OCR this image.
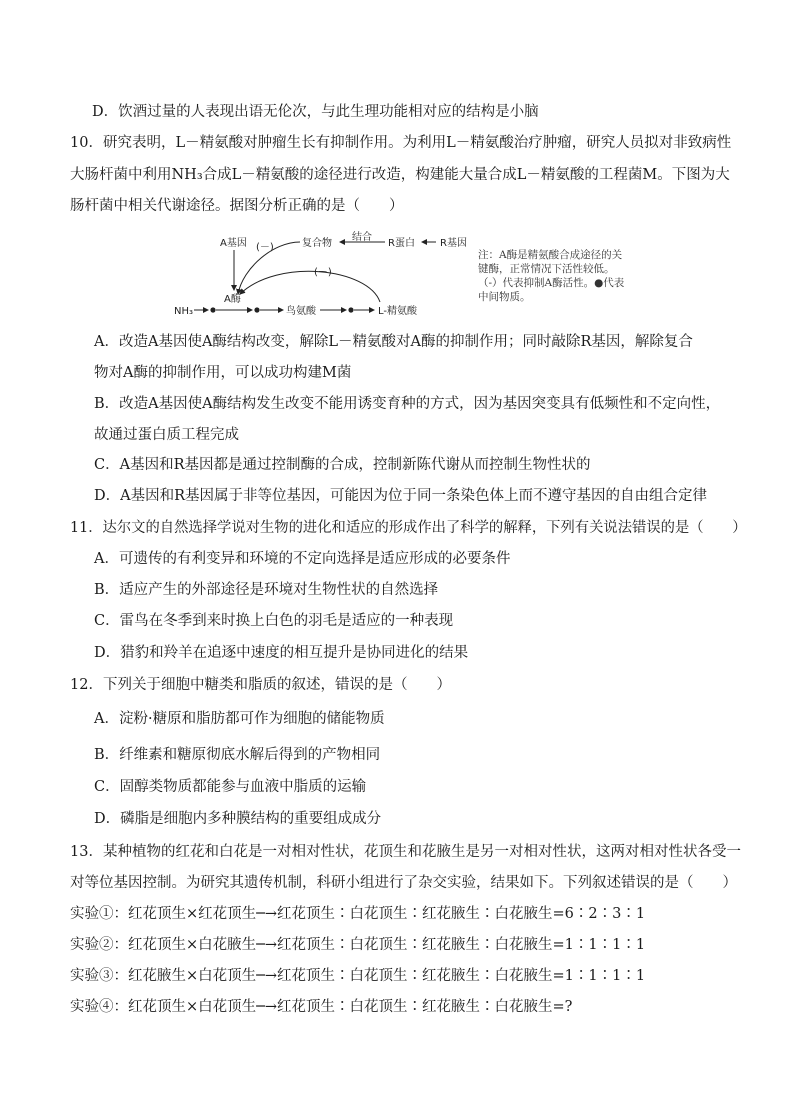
D．饮酒过量的人表现出语无伦次，与此生理功能相对应的结构是小脑
10．研究表明，L－精氨酸对肿瘤生长有抑制作用。为利用L－精氨酸治疗肿瘤，研究人员拟对非致病性
大肠杆菌中利用NH₃合成L－精氨酸的途径进行改造，构建能大量合成L－精氨酸的工程菌M。下图为大
肠杆菌中相关代谢途径。据图分析正确的是（　　）
A基因 (－)	复合物
结合
R蛋白	R基因
(－)
NH₃
A酶
鸟氨酸	L-精氨酸
注：A酶是精氨酸合成途径的关键酶，正常情况下活性较低。（-）代表抑制A酶活性。●代表中间物质。
A．改造A基因使A酶结构改变，解除L－精氨酸对A酶的抑制作用；同时敲除R基因，解除复合
物对A酶的抑制作用，可以成功构建M菌
B．改造A基因使A酶结构发生改变不能用诱变育种的方式，因为基因突变具有低频性和不定向性，
故通过蛋白质工程完成
C．A基因和R基因都是通过控制酶的合成，控制新陈代谢从而控制生物性状的
D．A基因和R基因属于非等位基因，可能因为位于同一条染色体上而不遵守基因的自由组合定律
11．达尔文的自然选择学说对生物的进化和适应的形成作出了科学的解释，下列有关说法错误的是（　　）
A．可遗传的有利变异和环境的不定向选择是适应形成的必要条件
B．适应产生的外部途径是环境对生物性状的自然选择
C．雷鸟在冬季到来时换上白色的羽毛是适应的一种表现
D．猎豹和羚羊在追逐中速度的相互提升是协同进化的结果
12．下列关于细胞中糖类和脂质的叙述，错误的是（　　）
A．淀粉·糖原和脂肪都可作为细胞的储能物质
B．纤维素和糖原彻底水解后得到的产物相同
C．固醇类物质都能参与血液中脂质的运输
D．磷脂是细胞内多种膜结构的重要组成成分
13．某种植物的红花和白花是一对相对性状，花顶生和花腋生是另一对相对性状，这两对相对性状各受一
对等位基因控制。为研究其遗传机制，科研小组进行了杂交实验，结果如下。下列叙述错误的是（　　）
实验①：红花顶生×红花顶生─→红花顶生∶白花顶生∶红花腋生∶白花腋生=6∶2∶3∶1
实验②：红花顶生×白花腋生─→红花顶生∶白花顶生∶红花腋生∶白花腋生=1∶1∶1∶1
实验③：红花腋生×白花顶生─→红花顶生∶白花顶生∶红花腋生∶白花腋生=1∶1∶1∶1
实验④：红花顶生×白花顶生─→红花顶生∶白花顶生∶红花腋生∶白花腋生=?
